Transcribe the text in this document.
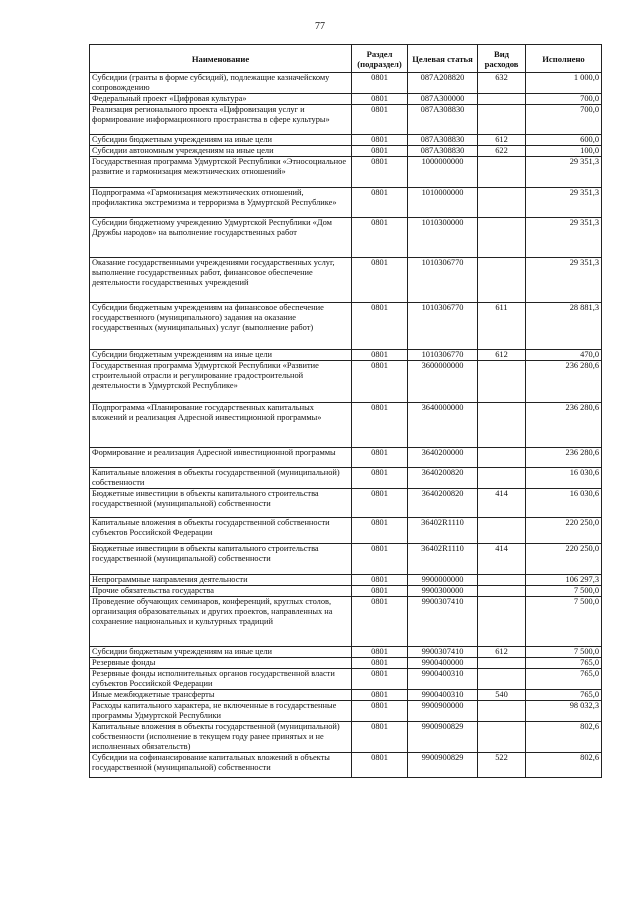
77
Наименование	Раздел (подраздел)	Целевая статья	Вид расходов	Исполнено
Субсидии (гранты в форме субсидий), подлежащие казначейскому сопровождению	0801	087A208820	632	1 000,0
Федеральный проект «Цифровая культура»	0801	087A300000		700,0
Реализация регионального проекта «Цифровизация услуг и формирование информационного пространства в сфере культуры»	0801	087A308830		700,0
Субсидии бюджетным учреждениям на иные цели	0801	087A308830	612	600,0
Субсидии автономным учреждениям на иные цели	0801	087A308830	622	100,0
Государственная программа Удмуртской Республики «Этносоциальное развитие и гармонизация межэтнических отношений»	0801	1000000000		29 351,3
Подпрограмма «Гармонизация межэтнических отношений, профилактика экстремизма и терроризма в Удмуртской Республике»	0801	1010000000		29 351,3
Субсидии бюджетному учреждению Удмуртской Республики «Дом Дружбы народов» на выполнение государственных работ	0801	1010300000		29 351,3
Оказание государственными учреждениями государственных услуг, выполнение государственных работ, финансовое обеспечение деятельности государственных учреждений	0801	1010306770		29 351,3
Субсидии бюджетным учреждениям на финансовое обеспечение государственного (муниципального) задания на оказание государственных (муниципальных) услуг (выполнение работ)	0801	1010306770	611	28 881,3
Субсидии бюджетным учреждениям на иные цели	0801	1010306770	612	470,0
Государственная программа Удмуртской Республики «Развитие строительной отрасли и регулирование градостроительной деятельности в Удмуртской Республике»	0801	3600000000		236 280,6
Подпрограмма «Планирование государственных капитальных вложений и реализация Адресной инвестиционной программы»	0801	3640000000		236 280,6
Формирование и реализация Адресной инвестиционной программы	0801	3640200000		236 280,6
Капитальные вложения в объекты государственной (муниципальной) собственности	0801	3640200820		16 030,6
Бюджетные инвестиции в объекты капитального строительства государственной (муниципальной) собственности	0801	3640200820	414	16 030,6
Капитальные вложения в объекты государственной собственности субъектов Российской Федерации	0801	36402R1110		220 250,0
Бюджетные инвестиции в объекты капитального строительства государственной (муниципальной) собственности	0801	36402R1110	414	220 250,0
Непрограммные направления деятельности	0801	9900000000		106 297,3
Прочие обязательства государства	0801	9900300000		7 500,0
Проведение обучающих семинаров, конференций, круглых столов, организация образовательных и других проектов, направленных на сохранение национальных и культурных традиций	0801	9900307410		7 500,0
Субсидии бюджетным учреждениям на иные цели	0801	9900307410	612	7 500,0
Резервные фонды	0801	9900400000		765,0
Резервные фонды исполнительных органов государственной власти субъектов Российской Федерации	0801	9900400310		765,0
Иные межбюджетные трансферты	0801	9900400310	540	765,0
Расходы капитального характера, не включенные в государственные программы Удмуртской Республики	0801	9900900000		98 032,3
Капитальные вложения в объекты государственной (муниципальной) собственности (исполнение в текущем году ранее принятых и не исполненных обязательств)	0801	9900900829		802,6
Субсидии на софинансирование капитальных вложений в объекты государственной (муниципальной) собственности	0801	9900900829	522	802,6
